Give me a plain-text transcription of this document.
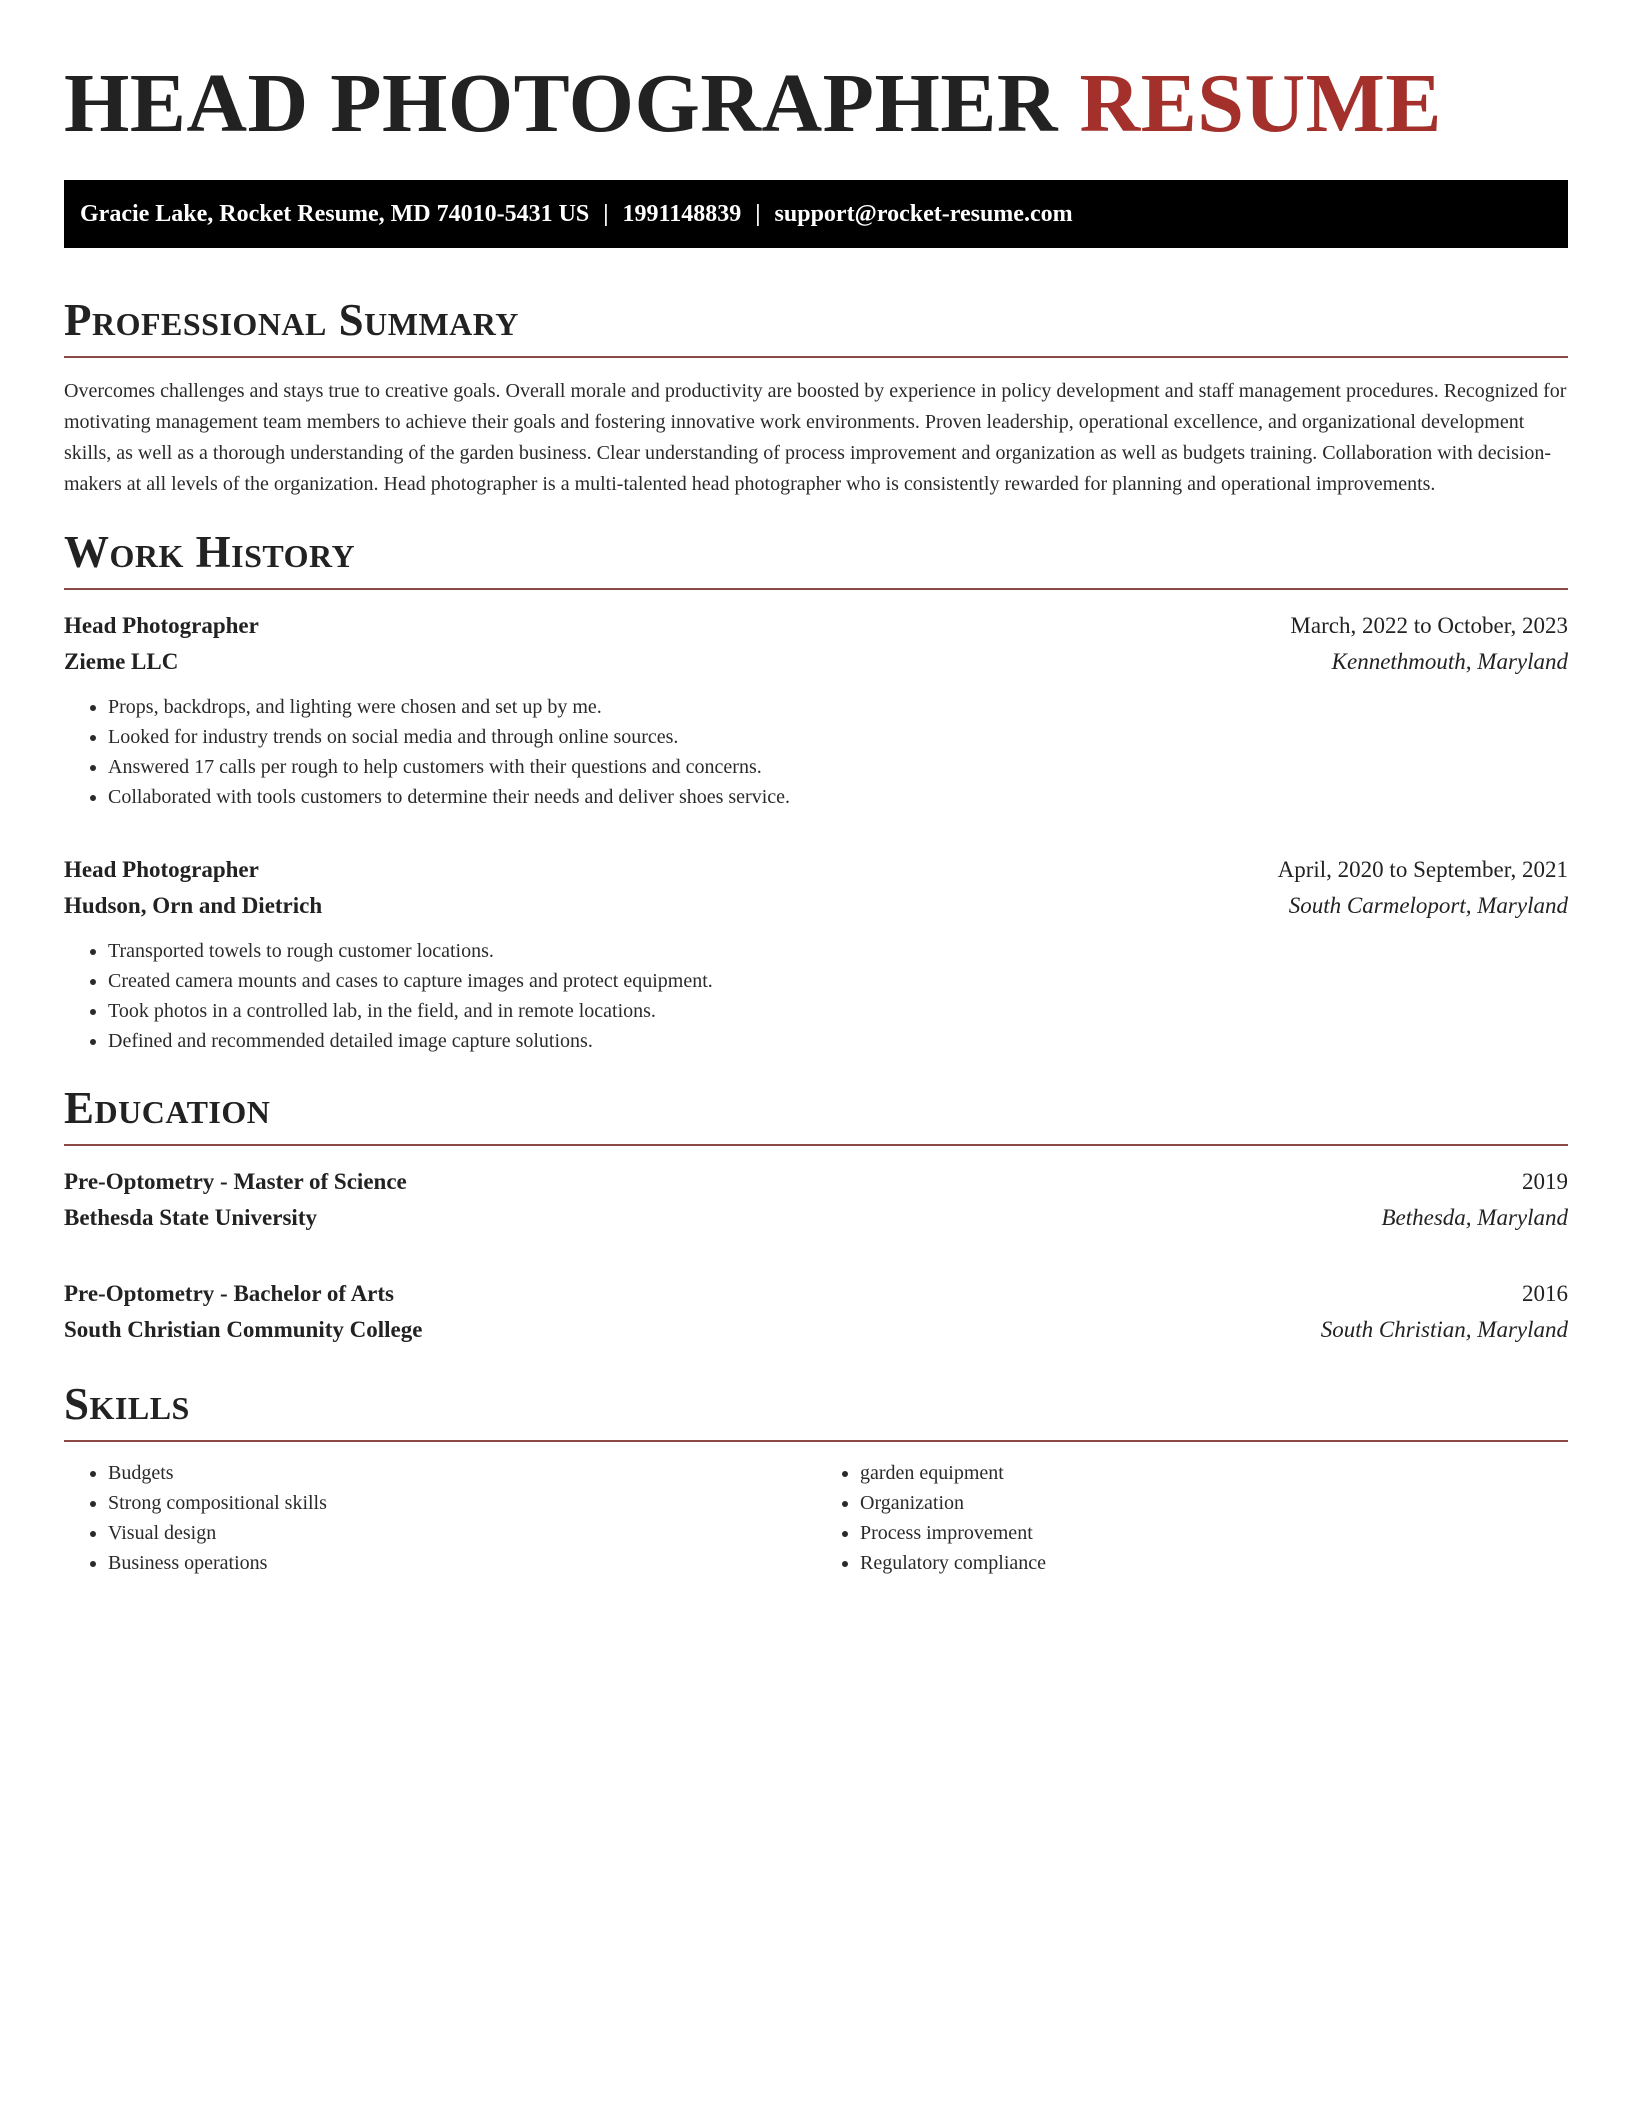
HEAD PHOTOGRAPHER RESUME
Gracie Lake, Rocket Resume, MD 74010-5431 US | 1991148839 | support@rocket-resume.com
Professional Summary

Overcomes challenges and stays true to creative goals. Overall morale and productivity are boosted by experience in policy development and staff management procedures. Recognized for motivating management team members to achieve their goals and fostering innovative work environments. Proven leadership, operational excellence, and organizational development skills, as well as a thorough understanding of the garden business. Clear understanding of process improvement and organization as well as budgets training. Collaboration with decision-makers at all levels of the organization. Head photographer is a multi-talented head photographer who is consistently rewarded for planning and operational improvements.

Work History
Head Photographer	March, 2022 to October, 2023
Zieme LLC	Kennethmouth, Maryland
• Props, backdrops, and lighting were chosen and set up by me.
• Looked for industry trends on social media and through online sources.
• Answered 17 calls per rough to help customers with their questions and concerns.
• Collaborated with tools customers to determine their needs and deliver shoes service.
Head Photographer	April, 2020 to September, 2021
Hudson, Orn and Dietrich	South Carmeloport, Maryland
• Transported towels to rough customer locations.
• Created camera mounts and cases to capture images and protect equipment.
• Took photos in a controlled lab, in the field, and in remote locations.
• Defined and recommended detailed image capture solutions.
Education
Pre-Optometry - Master of Science	2019
Bethesda State University	Bethesda, Maryland
Pre-Optometry - Bachelor of Arts	2016
South Christian Community College	South Christian, Maryland
Skills
• Budgets
• Strong compositional skills
• Visual design
• Business operations
• garden equipment
• Organization
• Process improvement
• Regulatory compliance
